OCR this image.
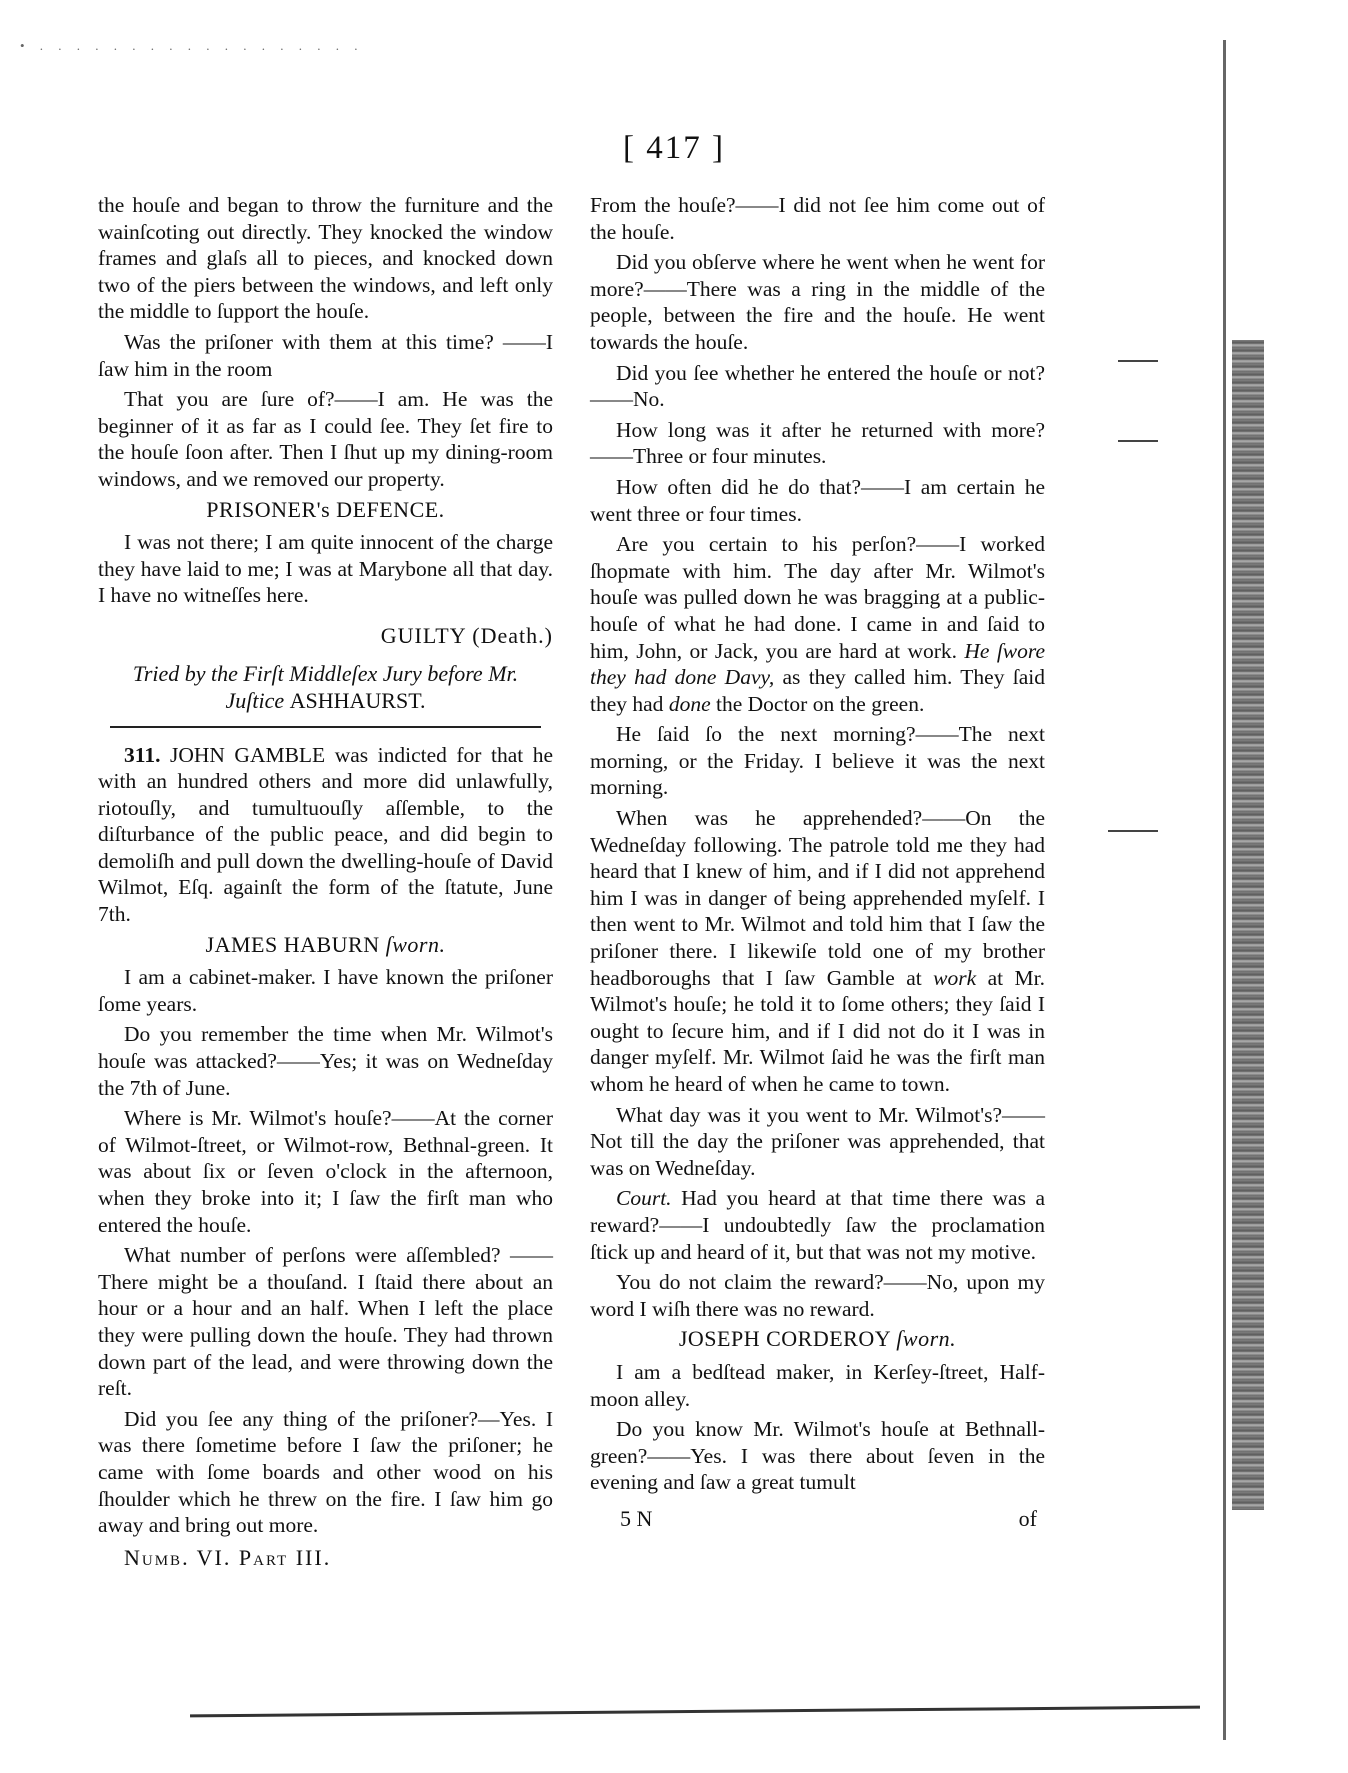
• . . . . . . . . . . . . . . . . . .
[ 417 ]

the houſe and began to throw the furniture and the wainſcoting out directly. They knocked the window frames and glaſs all to pieces, and knocked down two of the piers between the windows, and left only the middle to ſupport the houſe.

Was the priſoner with them at this time? ——I ſaw him in the room

That you are ſure of?——I am. He was the beginner of it as far as I could ſee. They ſet fire to the houſe ſoon after. Then I ſhut up my dining-room windows, and we removed our property.

PRISONER's DEFENCE.

I was not there; I am quite innocent of the charge they have laid to me; I was at Marybone all that day. I have no witneſſes here.

GUILTY (Death.)
Tried by the Firſt Middleſex Jury before Mr.
Juſtice ASHHAURST.

311. JOHN GAMBLE was indicted for that he with an hundred others and more did unlawfully, riotouſly, and tumultuouſly aſſemble, to the diſturbance of the public peace, and did begin to demoliſh and pull down the dwelling-houſe of David Wilmot, Eſq. againſt the form of the ſtatute, June 7th.

JAMES HABURN ſworn.

I am a cabinet-maker. I have known the priſoner ſome years.

Do you remember the time when Mr. Wilmot's houſe was attacked?——Yes; it was on Wedneſday the 7th of June.

Where is Mr. Wilmot's houſe?——At the corner of Wilmot-ſtreet, or Wilmot-row, Bethnal-green. It was about ſix or ſeven o'clock in the afternoon, when they broke into it; I ſaw the firſt man who entered the houſe.

What number of perſons were aſſembled? ——There might be a thouſand. I ſtaid there about an hour or a hour and an half. When I left the place they were pulling down the houſe. They had thrown down part of the lead, and were throwing down the reſt.

Did you ſee any thing of the priſoner?—Yes. I was there ſometime before I ſaw the priſoner; he came with ſome boards and other wood on his ſhoulder which he threw on the fire. I ſaw him go away and bring out more.

Numb. VI. Part III.

From the houſe?——I did not ſee him come out of the houſe.

Did you obſerve where he went when he went for more?——There was a ring in the middle of the people, between the fire and the houſe. He went towards the houſe.

Did you ſee whether he entered the houſe or not?——No.

How long was it after he returned with more?——Three or four minutes.

How often did he do that?——I am certain he went three or four times.

Are you certain to his perſon?——I worked ſhopmate with him. The day after Mr. Wilmot's houſe was pulled down he was bragging at a public-houſe of what he had done. I came in and ſaid to him, John, or Jack, you are hard at work. He ſwore they had done Davy, as they called him. They ſaid they had done the Doctor on the green.

He ſaid ſo the next morning?——The next morning, or the Friday. I believe it was the next morning.

When was he apprehended?——On the Wedneſday following. The patrole told me they had heard that I knew of him, and if I did not apprehend him I was in danger of being apprehended myſelf. I then went to Mr. Wilmot and told him that I ſaw the priſoner there. I likewiſe told one of my brother headboroughs that I ſaw Gamble at work at Mr. Wilmot's houſe; he told it to ſome others; they ſaid I ought to ſecure him, and if I did not do it I was in danger myſelf. Mr. Wilmot ſaid he was the firſt man whom he heard of when he came to town.

What day was it you went to Mr. Wilmot's?——Not till the day the priſoner was apprehended, that was on Wedneſday.

Court. Had you heard at that time there was a reward?——I undoubtedly ſaw the proclamation ſtick up and heard of it, but that was not my motive.

You do not claim the reward?——No, upon my word I wiſh there was no reward.

JOSEPH CORDEROY ſworn.

I am a bedſtead maker, in Kerſey-ſtreet, Half-moon alley.

Do you know Mr. Wilmot's houſe at Bethnall-green?——Yes. I was there about ſeven in the evening and ſaw a great tumult

5 N	of
